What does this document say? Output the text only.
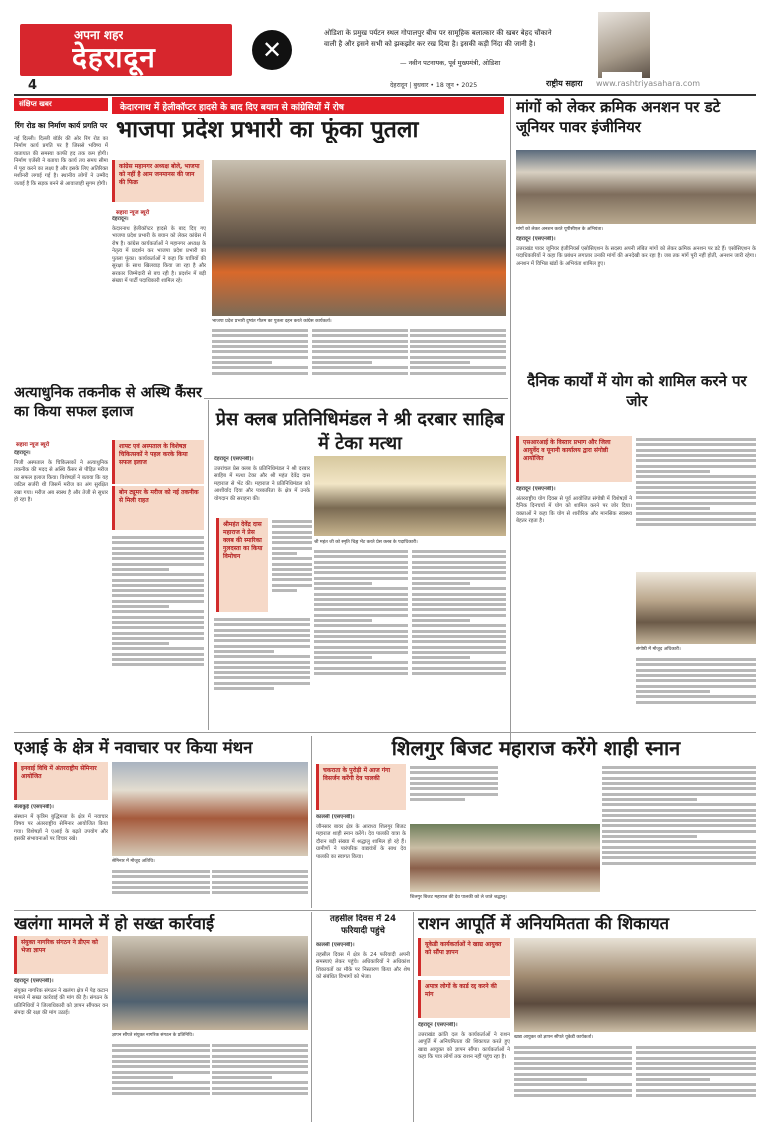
अपना शहर
देहरादून
4
✕
ओडिशा के प्रमुख पर्यटन स्थल गोपालपुर बीच पर सामूहिक बलात्कार की खबर बेहद चौंकाने वाली है और इसने सभी को झकझोर कर रख दिया है। इसकी कड़ी निंदा की जानी है।
— नवीन पटनायक, पूर्व मुख्यमंत्री, ओडिशा
देहरादून | बुधवार • 18 जून • 2025	राष्ट्रीय सहारा www.rashtriyasahara.com
संक्षिप्त खबर
रिंग रोड का निर्माण कार्य प्रगति पर
नई दिल्ली। दिल्ली बॉर्डर की ओर रिंग रोड का निर्माण कार्य प्रगति पर है जिससे भविष्य में यातायात की समस्या काफी हद तक कम होगी। निर्माण एजेंसी ने बताया कि कार्य तय समय सीमा में पूरा करने का लक्ष्य है और इसके लिए अतिरिक्त मशीनरी लगाई गई है। स्थानीय लोगों ने उम्मीद जताई है कि सड़क बनने से आवाजाही सुगम होगी।
केदारनाथ में हेलीकॉप्टर हादसे के बाद दिए बयान से कांग्रेसियों में रोष
भाजपा प्रदेश प्रभारी का फूंका पुतला
कांग्रेस महानगर अध्यक्ष बोले, भाजपा को नहीं है आम जनमानस की जान की फिक्र
सहारा न्यूज ब्यूरो

देहरादून।

केदारनाथ हेलीकॉप्टर हादसे के बाद दिए गए भाजपा प्रदेश प्रभारी के बयान को लेकर कांग्रेस में रोष है। कांग्रेस कार्यकर्ताओं ने महानगर अध्यक्ष के नेतृत्व में प्रदर्शन कर भाजपा प्रदेश प्रभारी का पुतला फूंका। कार्यकर्ताओं ने कहा कि यात्रियों की सुरक्षा के साथ खिलवाड़ किया जा रहा है और सरकार जिम्मेदारी से बच रही है। प्रदर्शन में बड़ी संख्या में पार्टी पदाधिकारी शामिल रहे।

भाजपा प्रदेश प्रभारी दुष्यंत गौतम का पुतला दहन करते कांग्रेस कार्यकर्ता।
मांगों को लेकर क्रमिक अनशन पर डटे जूनियर पावर इंजीनियर
मांगों को लेकर अनशन करते यूपीसीएल के अभियंता।

देहरादून (एसएनबी)।

उत्तराखंड पावर जूनियर इंजीनियर्स एसोसिएशन के सदस्य अपनी लंबित मांगों को लेकर क्रमिक अनशन पर डटे हैं। एसोसिएशन के पदाधिकारियों ने कहा कि प्रबंधन लगातार उनकी मांगों की अनदेखी कर रहा है। जब तक मांगें पूरी नहीं होतीं, अनशन जारी रहेगा। अनशन में विभिन्न खंडों के अभियंता शामिल हुए।

अत्याधुनिक तकनीक से अस्थि कैंसर का किया सफल इलाज
सहारा न्यूज ब्यूरो

देहरादून।

निजी अस्पताल के चिकित्सकों ने अत्याधुनिक तकनीक की मदद से अस्थि कैंसर से पीड़ित मरीज का सफल इलाज किया। विशेषज्ञों ने बताया कि यह जटिल सर्जरी थी जिसमें मरीज का अंग सुरक्षित रखा गया। मरीज अब स्वस्थ है और तेजी से सुधार हो रहा है।

शाफ्ट एवं अस्पताल के विशेषज्ञ चिकित्सकों ने पहल करके किया सफल इलाज
बोन ट्यूमर के मरीज को नई तकनीक से मिली राहत
प्रेस क्लब प्रतिनिधिमंडल ने श्री दरबार साहिब में टेका मत्था

देहरादून (एसएनबी)।

उत्तरांचल प्रेस क्लब के प्रतिनिधिमंडल ने श्री दरबार साहिब में मत्था टेका और श्री महंत देवेंद्र दास महाराज से भेंट की। महाराज ने प्रतिनिधिमंडल को आशीर्वाद दिया और पत्रकारिता के क्षेत्र में उनके योगदान की सराहना की।

श्री महंत जी को स्मृति चिह्न भेंट करते प्रेस क्लब के पदाधिकारी।
श्रीमहंत देवेंद्र दास महाराज ने प्रेस क्लब की स्मारिका गुलदस्ता का किया विमोचन
दैनिक कार्यों में योग को शामिल करने पर जोर
एसआरआई के विस्तार प्रभाग और जिला आयुर्वेद व यूनानी कार्यालय द्वारा संगोष्ठी आयोजित

देहरादून (एसएनबी)।

अंतरराष्ट्रीय योग दिवस से पूर्व आयोजित संगोष्ठी में विशेषज्ञों ने दैनिक दिनचर्या में योग को शामिल करने पर जोर दिया। वक्ताओं ने कहा कि योग से शारीरिक और मानसिक स्वास्थ्य बेहतर रहता है।

संगोष्ठी में मौजूद अधिकारी।
एआई के क्षेत्र में नवाचार पर किया मंथन
इनवाई विधि में अंतरराष्ट्रीय सेमिनार आयोजित

सेलाकुई (एसएनबी)।

संस्थान में कृत्रिम बुद्धिमत्ता के क्षेत्र में नवाचार विषय पर अंतरराष्ट्रीय सेमिनार आयोजित किया गया। विशेषज्ञों ने एआई के बढ़ते उपयोग और इसकी संभावनाओं पर विचार रखे।

सेमिनार में मौजूद अतिथि।
शिलगुर बिजट महाराज करेंगे शाही स्नान
चकराता के पुरोड़ी में आज गंगा विसर्जन करेंगी देव पालकी

कालसी (एसएनबी)।

जौनसार बावर क्षेत्र के आराध्य शिलगुर बिजट महाराज शाही स्नान करेंगे। देव पालकी यात्रा के दौरान बड़ी संख्या में श्रद्धालु शामिल हो रहे हैं। ग्रामीणों ने पारंपरिक वाद्ययंत्रों के साथ देव पालकी का स्वागत किया।

शिलगुर बिजट महाराज की देव पालकी को ले जाते श्रद्धालु।
खलंगा मामले में हो सख्त कार्रवाई
संयुक्त नागरिक संगठन ने डीएम को भेजा ज्ञापन

देहरादून (एसएनबी)।

संयुक्त नागरिक संगठन ने खलंगा क्षेत्र में पेड़ कटान मामले में सख्त कार्रवाई की मांग की है। संगठन के प्रतिनिधियों ने जिलाधिकारी को ज्ञापन सौंपकर वन संपदा की रक्षा की मांग उठाई।

ज्ञापन सौंपते संयुक्त नागरिक संगठन के प्रतिनिधि।
तहसील दिवस में 24 फरियादी पहुंचे

कालसी (एसएनबी)।

तहसील दिवस में क्षेत्र के 24 फरियादी अपनी समस्याएं लेकर पहुंचे। अधिकारियों ने अधिकांश शिकायतों का मौके पर निस्तारण किया और शेष को संबंधित विभागों को भेजा।

राशन आपूर्ति में अनियमितता की शिकायत
यूकेडी कार्यकर्ताओं ने खाद्य आयुक्त को सौंपा ज्ञापन
अपात्र लोगों के कार्ड रद्द करने की मांग

देहरादून (एसएनबी)।

उत्तराखंड क्रांति दल के कार्यकर्ताओं ने राशन आपूर्ति में अनियमितता की शिकायत करते हुए खाद्य आयुक्त को ज्ञापन सौंपा। कार्यकर्ताओं ने कहा कि पात्र लोगों तक राशन नहीं पहुंच रहा है।

खाद्य आयुक्त को ज्ञापन सौंपते यूकेडी कार्यकर्ता।
